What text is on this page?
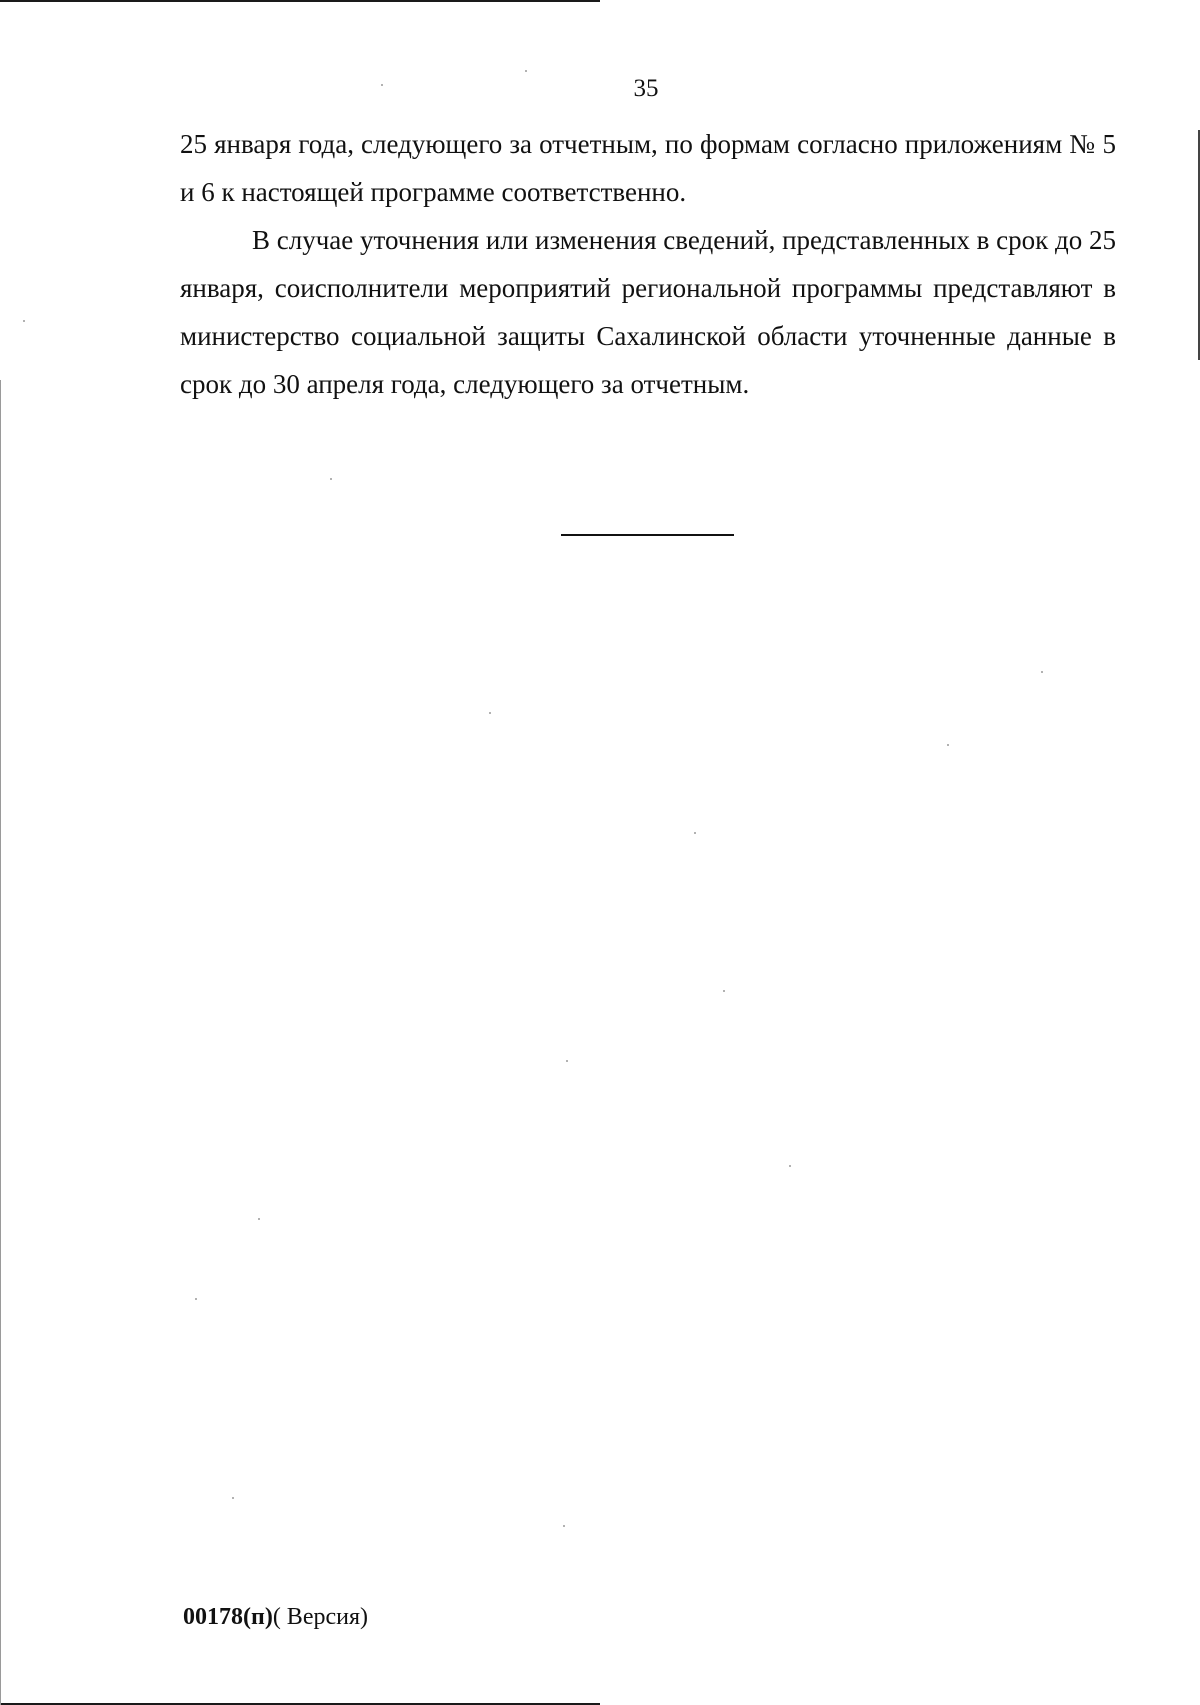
35

25 января года, следующего за отчетным, по формам согласно приложениям № 5 и 6 к настоящей программе соответственно.

В случае уточнения или изменения сведений, представленных в срок до 25 января, соисполнители мероприятий региональной программы представляют в министерство социальной защиты Сахалинской области уточненные данные в срок до 30 апреля года, следующего за отчетным.

00178(п)( Версия)
